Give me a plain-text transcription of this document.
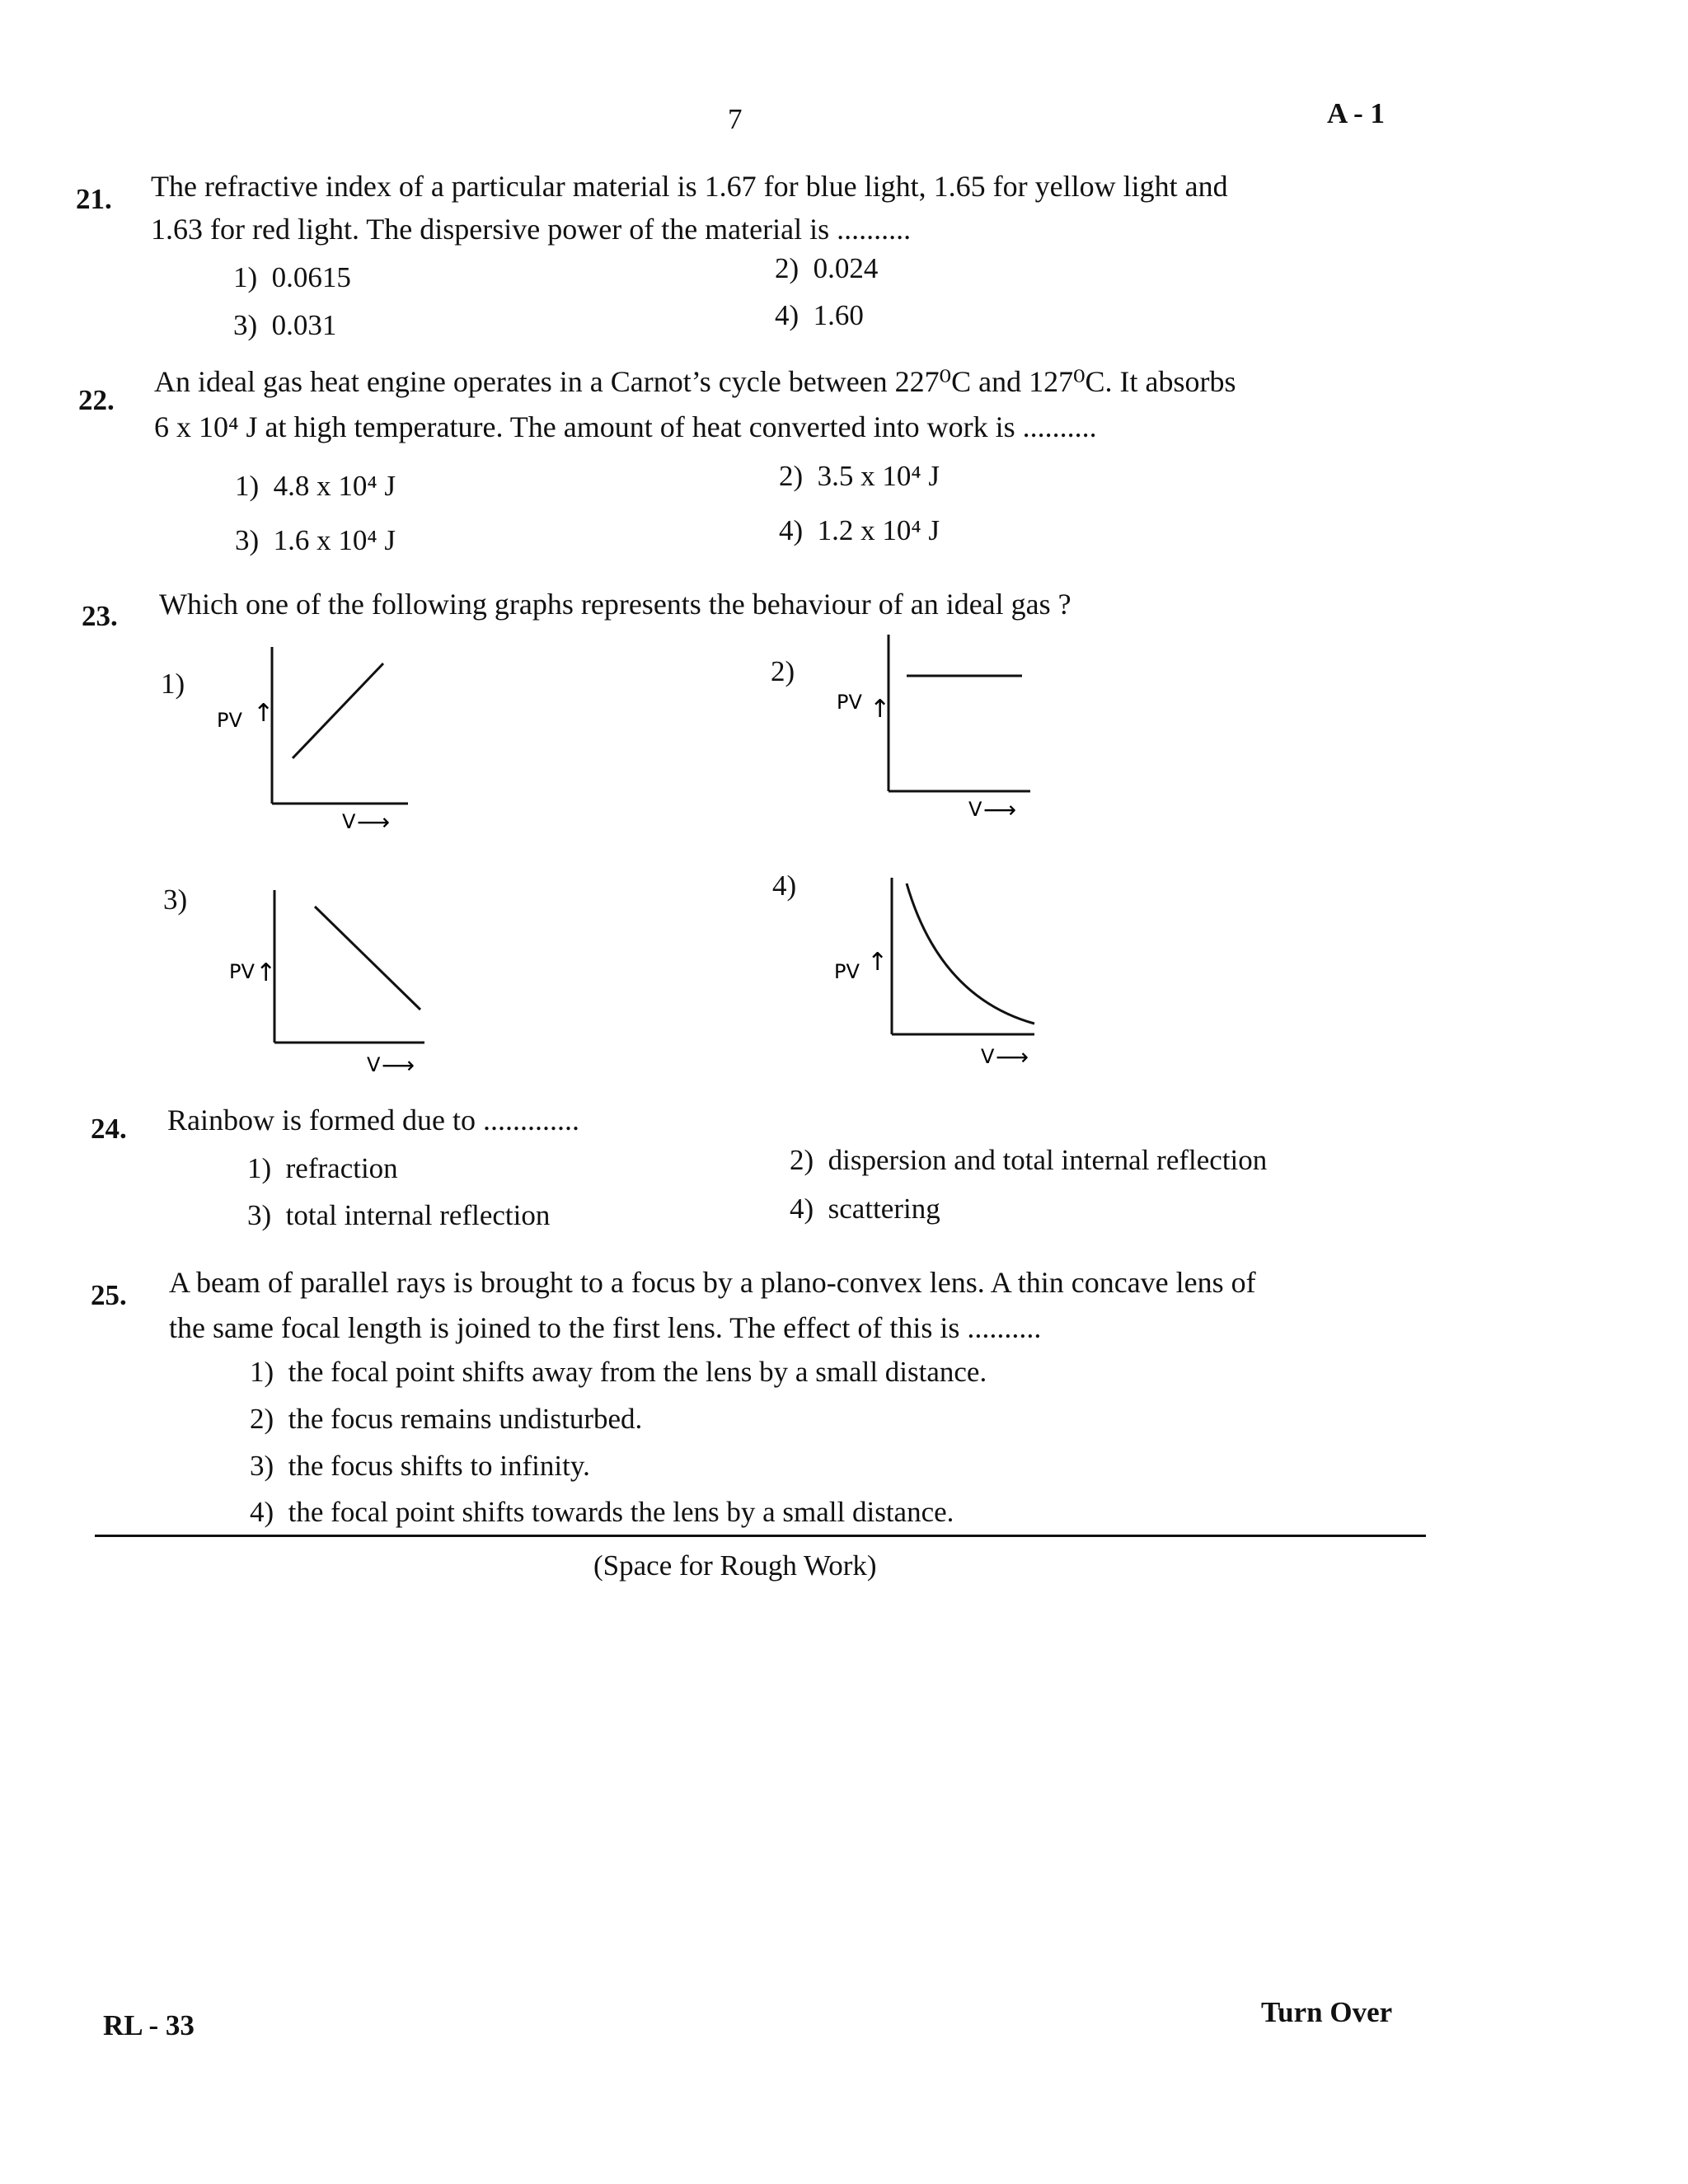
7	A - 1
21. The refractive index of a particular material is 1.67 for blue light, 1.65 for yellow light and
1.63 for red light. The dispersive power of the material is ..........
1) 0.0615	2) 0.024
3) 0.031	4) 1.60
22.
An ideal gas heat engine operates in a Carnot’s cycle between 227⁰C and 127⁰C. It absorbs
6 x 10⁴ J at high temperature. The amount of heat converted into work is ..........
1) 4.8 x 10⁴ J	2) 3.5 x 10⁴ J
3) 1.6 x 10⁴ J	4) 1.2 x 10⁴ J
23. Which one of the following graphs represents the behaviour of an ideal gas ?
1)
PV ↑
V ⟶
2)
PV ↑
V ⟶
3)
PV ↑
V ⟶
4)
PV ↑
V ⟶
24. Rainbow is formed due to .............
1) refraction	2) dispersion and total internal reflection
3) total internal reflection	4) scattering
25. A beam of parallel rays is brought to a focus by a plano-convex lens. A thin concave lens of
the same focal length is joined to the first lens. The effect of this is ..........
1) the focal point shifts away from the lens by a small distance.
2) the focus remains undisturbed.
3) the focus shifts to infinity.
4) the focal point shifts towards the lens by a small distance.
(Space for Rough Work)
RL - 33	Turn Over
